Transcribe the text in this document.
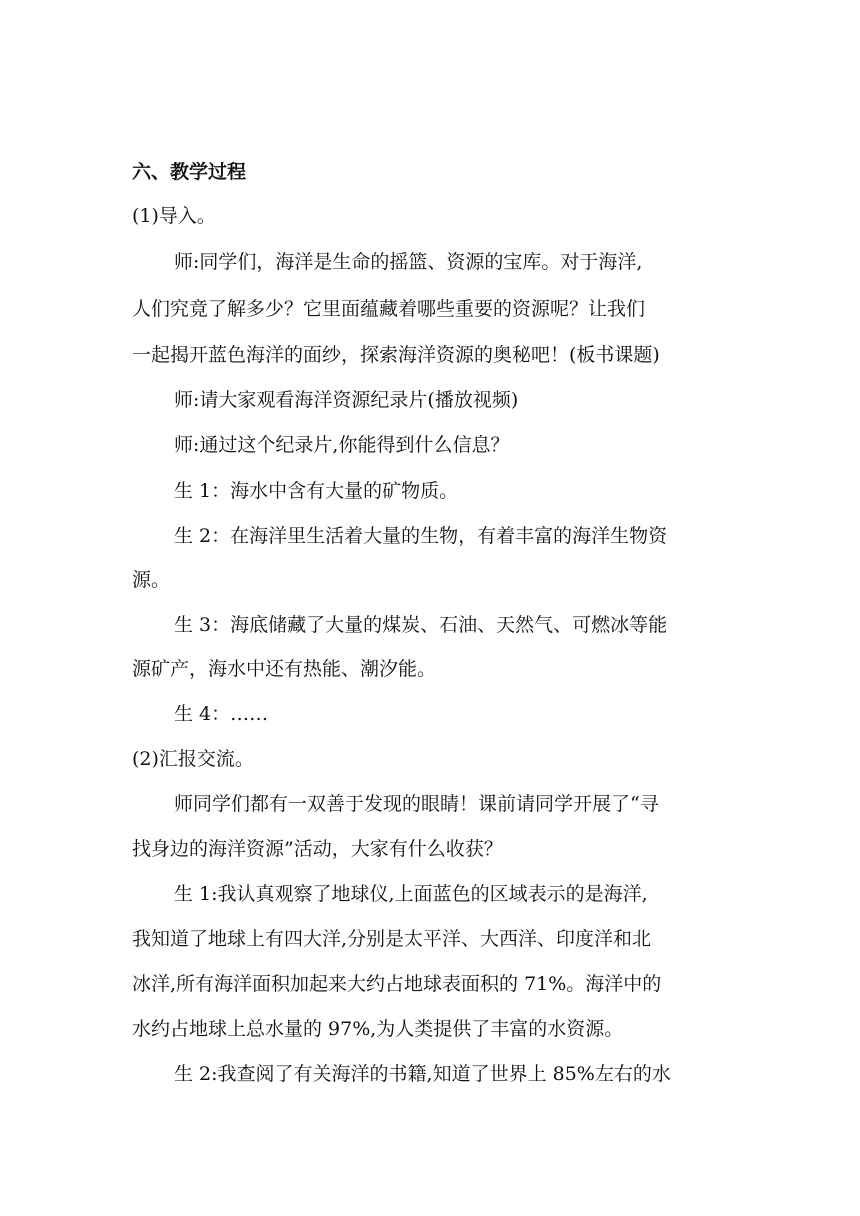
六、教学过程
(1)导入。
师:同学们，海洋是生命的摇篮、资源的宝库。对于海洋,
人们究竟了解多少？它里面蕴藏着哪些重要的资源呢？让我们
一起揭开蓝色海洋的面纱，探索海洋资源的奥秘吧！(板书课题)
师:请大家观看海洋资源纪录片(播放视频)
师:通过这个纪录片,你能得到什么信息？
生 1：海水中含有大量的矿物质。
生 2：在海洋里生活着大量的生物，有着丰富的海洋生物资
源。
生 3：海底储藏了大量的煤炭、石油、天然气、可燃冰等能
源矿产，海水中还有热能、潮汐能。
生 4：……
(2)汇报交流。
师同学们都有一双善于发现的眼睛！课前请同学开展了“寻
找身边的海洋资源”活动，大家有什么收获？
生 1:我认真观察了地球仪,上面蓝色的区域表示的是海洋,
我知道了地球上有四大洋,分别是太平洋、大西洋、印度洋和北
冰洋,所有海洋面积加起来大约占地球表面积的 71%。海洋中的
水约占地球上总水量的 97%,为人类提供了丰富的水资源。
生 2:我查阅了有关海洋的书籍,知道了世界上 85%左右的水
